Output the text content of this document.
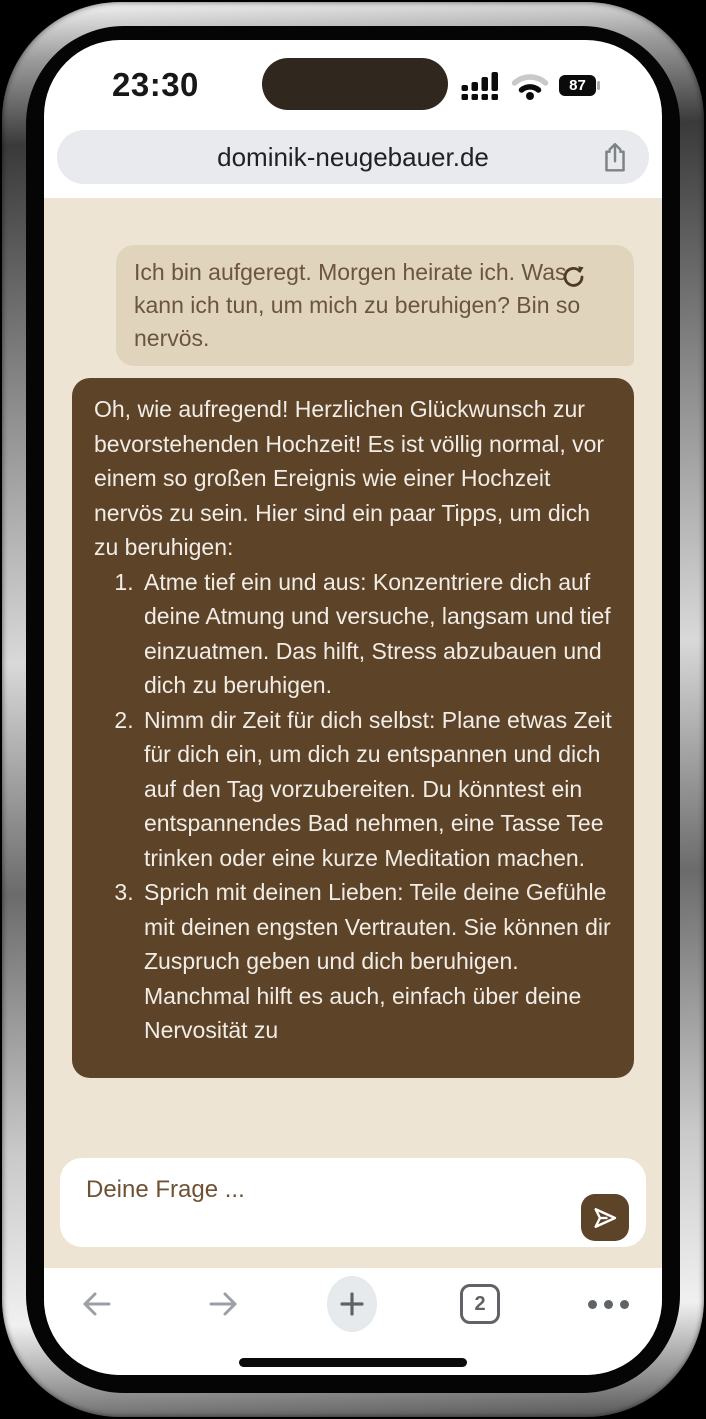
23:30	87
dominik-neugebauer.de
Ich bin aufgeregt. Morgen heirate ich. Was kann ich tun, um mich zu beruhigen? Bin so nervös.

Oh, wie aufregend! Herzlichen Glückwunsch zur bevorstehenden Hochzeit! Es ist völlig normal, vor einem so großen Ereignis wie einer Hochzeit nervös zu sein. Hier sind ein paar Tipps, um dich zu beruhigen:

1. Atme tief ein und aus: Konzentriere dich auf deine Atmung und versuche, langsam und tief einzuatmen. Das hilft, Stress abzubauen und dich zu beruhigen.
2. Nimm dir Zeit für dich selbst: Plane etwas Zeit für dich ein, um dich zu entspannen und dich auf den Tag vorzubereiten. Du könntest ein entspannendes Bad nehmen, eine Tasse Tee trinken oder eine kurze Meditation machen.
3. Sprich mit deinen Lieben: Teile deine Gefühle mit deinen engsten Vertrauten. Sie können dir Zuspruch geben und dich beruhigen. Manchmal hilft es auch, einfach über deine Nervosität zu
Deine Frage ...
2
